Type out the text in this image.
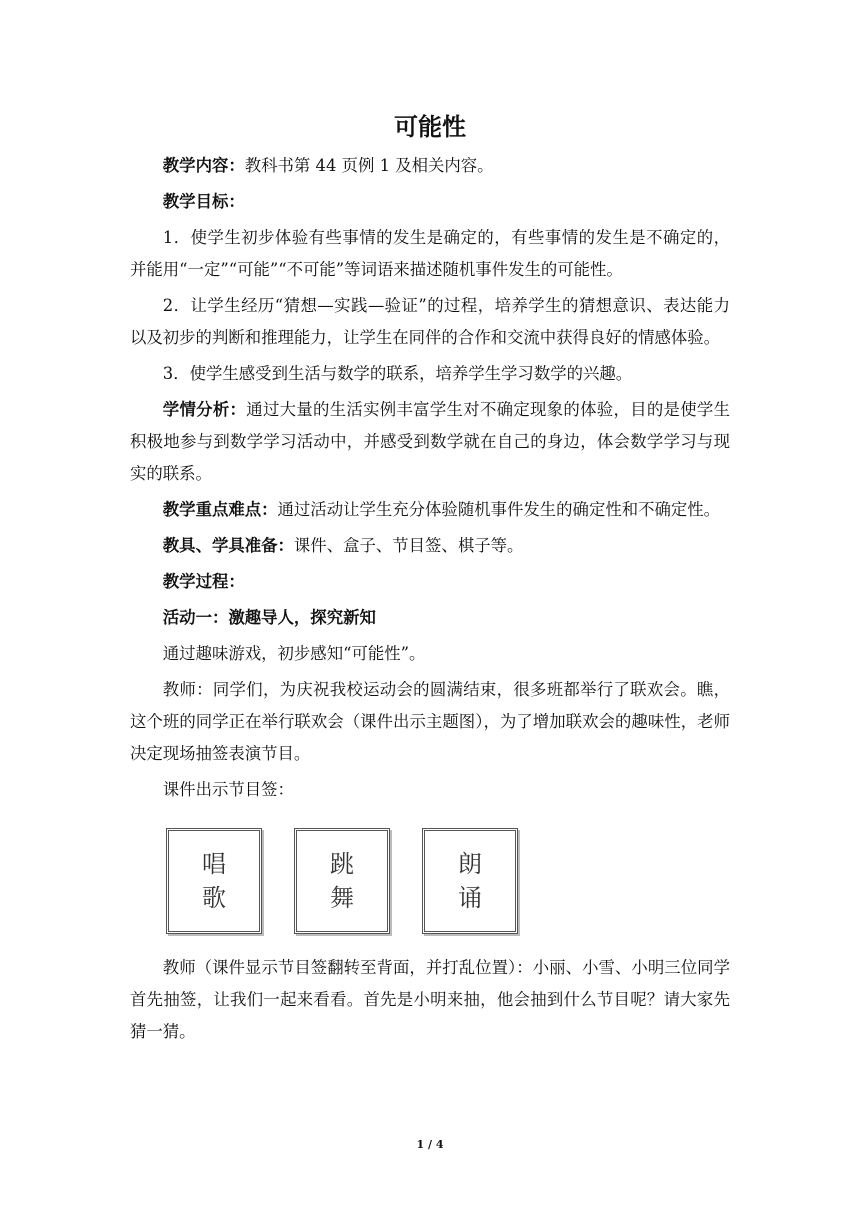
可能性

教学内容：教科书第 44 页例 1 及相关内容。

教学目标：

1．使学生初步体验有些事情的发生是确定的，有些事情的发生是不确定的，并能用“一定”“可能”“不可能”等词语来描述随机事件发生的可能性。

2．让学生经历“猜想—实践—验证”的过程，培养学生的猜想意识、表达能力以及初步的判断和推理能力，让学生在同伴的合作和交流中获得良好的情感体验。

3．使学生感受到生活与数学的联系，培养学生学习数学的兴趣。

学情分析：通过大量的生活实例丰富学生对不确定现象的体验，目的是使学生积极地参与到数学学习活动中，并感受到数学就在自己的身边，体会数学学习与现实的联系。

教学重点难点：通过活动让学生充分体验随机事件发生的确定性和不确定性。

教具、学具准备：课件、盒子、节目签、棋子等。

教学过程：

活动一：激趣导人，探究新知

通过趣味游戏，初步感知“可能性”。

教师：同学们，为庆祝我校运动会的圆满结束，很多班都举行了联欢会。瞧，这个班的同学正在举行联欢会（课件出示主题图），为了增加联欢会的趣味性，老师决定现场抽签表演节目。

课件出示节目签：

唱
歌
跳
舞
朗
诵

教师（课件显示节目签翻转至背面，并打乱位置）：小丽、小雪、小明三位同学首先抽签，让我们一起来看看。首先是小明来抽，他会抽到什么节目呢？请大家先猜一猜。

1 / 4
